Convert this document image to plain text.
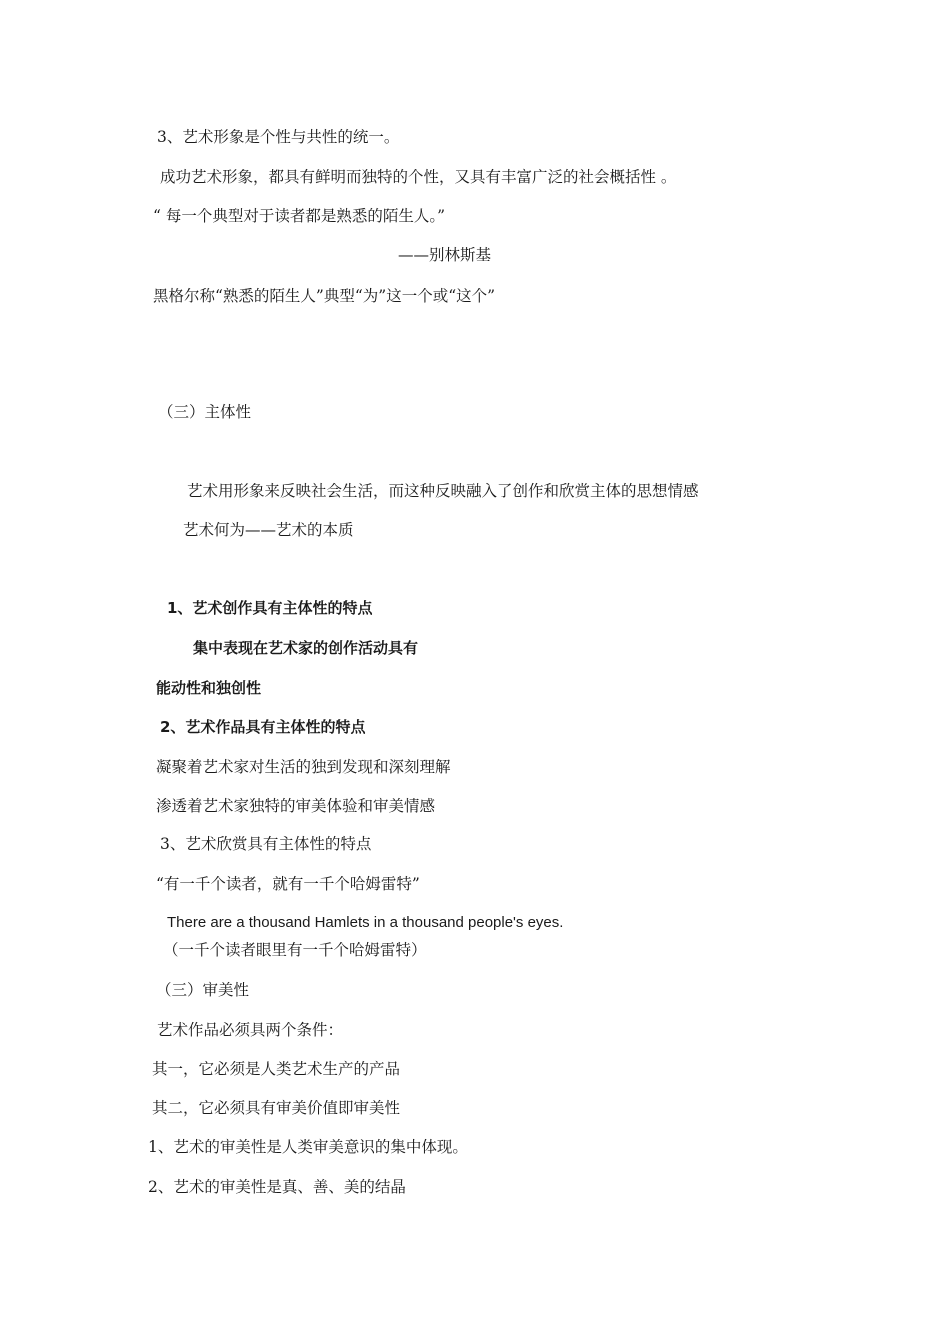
3、艺术形象是个性与共性的统一。
成功艺术形象，都具有鲜明而独特的个性，又具有丰富广泛的社会概括性 。
“ 每一个典型对于读者都是熟悉的陌生人。”
——别林斯基
黑格尔称“熟悉的陌生人”典型“为”这一个或“这个”
（三）主体性
艺术用形象来反映社会生活，而这种反映融入了创作和欣赏主体的思想情感
艺术何为——艺术的本质
1、艺术创作具有主体性的特点
集中表现在艺术家的创作活动具有
能动性和独创性
2、艺术作品具有主体性的特点
凝聚着艺术家对生活的独到发现和深刻理解
渗透着艺术家独特的审美体验和审美情感
3、艺术欣赏具有主体性的特点
“有一千个读者，就有一千个哈姆雷特”
There are a thousand Hamlets in a thousand people's eyes.
（一千个读者眼里有一千个哈姆雷特）
（三）审美性
艺术作品必须具两个条件：
其一，它必须是人类艺术生产的产品
其二，它必须具有审美价值即审美性
1、艺术的审美性是人类审美意识的集中体现。
2、艺术的审美性是真、善、美的结晶
